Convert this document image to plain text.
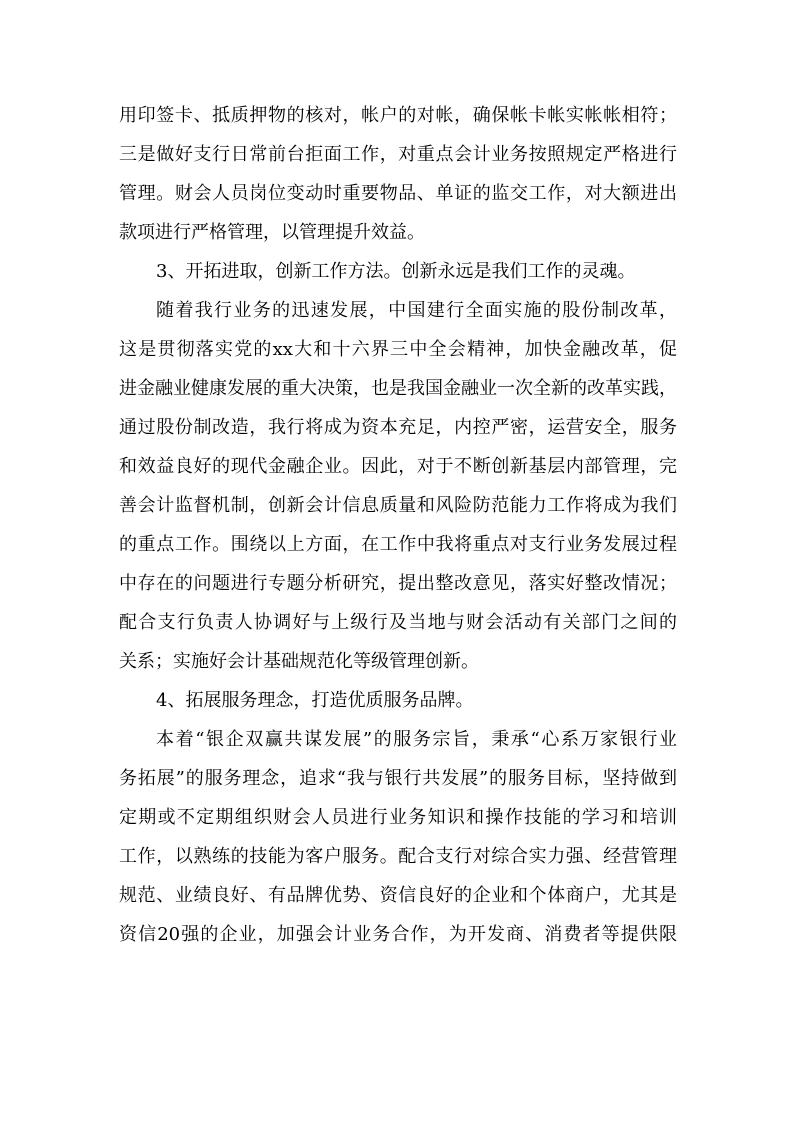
用印签卡、抵质押物的核对，帐户的对帐，确保帐卡帐实帐帐相符；
三是做好支行日常前台拒面工作，对重点会计业务按照规定严格进行
管理。财会人员岗位变动时重要物品、单证的监交工作，对大额进出
款项进行严格管理，以管理提升效益。
3、开拓进取，创新工作方法。创新永远是我们工作的灵魂。
随着我行业务的迅速发展，中国建行全面实施的股份制改革，
这是贯彻落实党的xx大和十六界三中全会精神，加快金融改革，促
进金融业健康发展的重大决策，也是我国金融业一次全新的改革实践，
通过股份制改造，我行将成为资本充足，内控严密，运营安全，服务
和效益良好的现代金融企业。因此，对于不断创新基层内部管理，完
善会计监督机制，创新会计信息质量和风险防范能力工作将成为我们
的重点工作。围绕以上方面，在工作中我将重点对支行业务发展过程
中存在的问题进行专题分析研究，提出整改意见，落实好整改情况；
配合支行负责人协调好与上级行及当地与财会活动有关部门之间的
关系；实施好会计基础规范化等级管理创新。
4、拓展服务理念，打造优质服务品牌。
本着“银企双赢共谋发展”的服务宗旨，秉承“心系万家银行业
务拓展”的服务理念，追求“我与银行共发展”的服务目标，坚持做到
定期或不定期组织财会人员进行业务知识和操作技能的学习和培训
工作，以熟练的技能为客户服务。配合支行对综合实力强、经营管理
规范、业绩良好、有品牌优势、资信良好的企业和个体商户，尤其是
资信20强的企业，加强会计业务合作，为开发商、消费者等提供限
